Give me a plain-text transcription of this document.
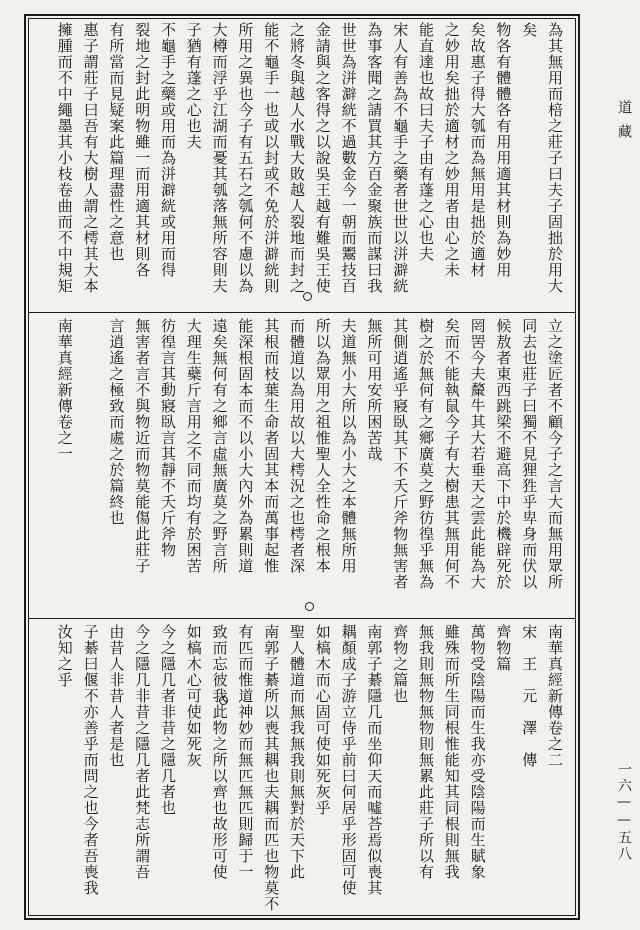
道藏
一六——五八
為其無用而棓之莊子曰夫子固拙於用大
矣
物各有體體各有用用適其材則為妙用
矣故惠子得大瓠而為無用是拙於適材
之妙用矣拙於適材之妙用者由心之未
能直達也故曰夫子由有蓬之心也夫
宋人有善為不龜手之藥者世世以洴澼絖
為事客聞之請買其方百金聚族而謀曰我
世世為洴澼絖不過數金今一朝而鬻技百
金請與之客得之以說吳王越有難吳王使
之將冬與越人水戰大敗越人裂地而封之
能不龜手一也或以封或不免於洴澼絖則
所用之異也今子有五石之瓠何不慮以為
大樽而浮乎江湖而憂其瓠落無所容則夫
子猶有蓬之心也夫
不龜手之藥或用而為洴澼絖或用而得
裂地之封此明物雖一而用適其材則各
有所當而見疑案此篇理盡性之意也
惠子謂莊子曰吾有大樹人謂之樗其大本
擁腫而不中繩墨其小枝卷曲而不中規矩
立之塗匠者不顧今子之言大而無用眾所
同去也莊子曰獨不見狸狌乎卑身而伏以
候敖者東西跳梁不避高下中於機辟死於
罔罟今夫斄牛其大若垂天之雲此能為大
矣而不能執鼠今子有大樹患其無用何不
樹之於無何有之鄉廣莫之野彷徨乎無為
其側逍遙乎寢臥其下不夭斤斧物無害者
無所可用安所困苦哉
夫道無小大所以為小大之本體無所用
所以為眾用之祖惟聖人全性命之根本
而體道以為用故以大樗況之也樗者深
其根而枝葉生命者固其本而萬事起惟
能深根固本而不以小大內外為累則道
遠矣無何有之鄉言虛無廣莫之野言所
大理生蘗斤言用之不同而均有於困苦
彷徨言其動寢臥言其靜不夭斤斧物
無害者言不與物近而物莫能傷此莊子
言逍遙之極致而處之於篇終也
南華真經新傳卷之一
南華真經新傳卷之二
宋　王　元　澤　傳
齊物篇
萬物受陰陽而生我亦受陰陽而生賦象
雖殊而所生同根惟能知其同根則無我
無我則無物無物則無累此莊子所以有
齊物之篇也
南郭子綦隱几而坐仰天而噓荅焉似喪其
耦顏成子游立侍乎前曰何居乎形固可使
如槁木而心固可使如死灰乎
聖人體道而無我無我則無對於天下此
南郭子綦所以喪其耦也夫耦而匹也物莫不
有匹而惟道神妙而無匹無匹則歸于一
致而忘彼我此物之所以齊也故形可使
如槁木心可使如死灰
今之隱几者非昔之隱几者也
今之隱几非昔之隱几者此梵志所謂吾
由昔人非昔人者是也
子綦曰偃不亦善乎而問之也今者吾喪我
汝知之乎
